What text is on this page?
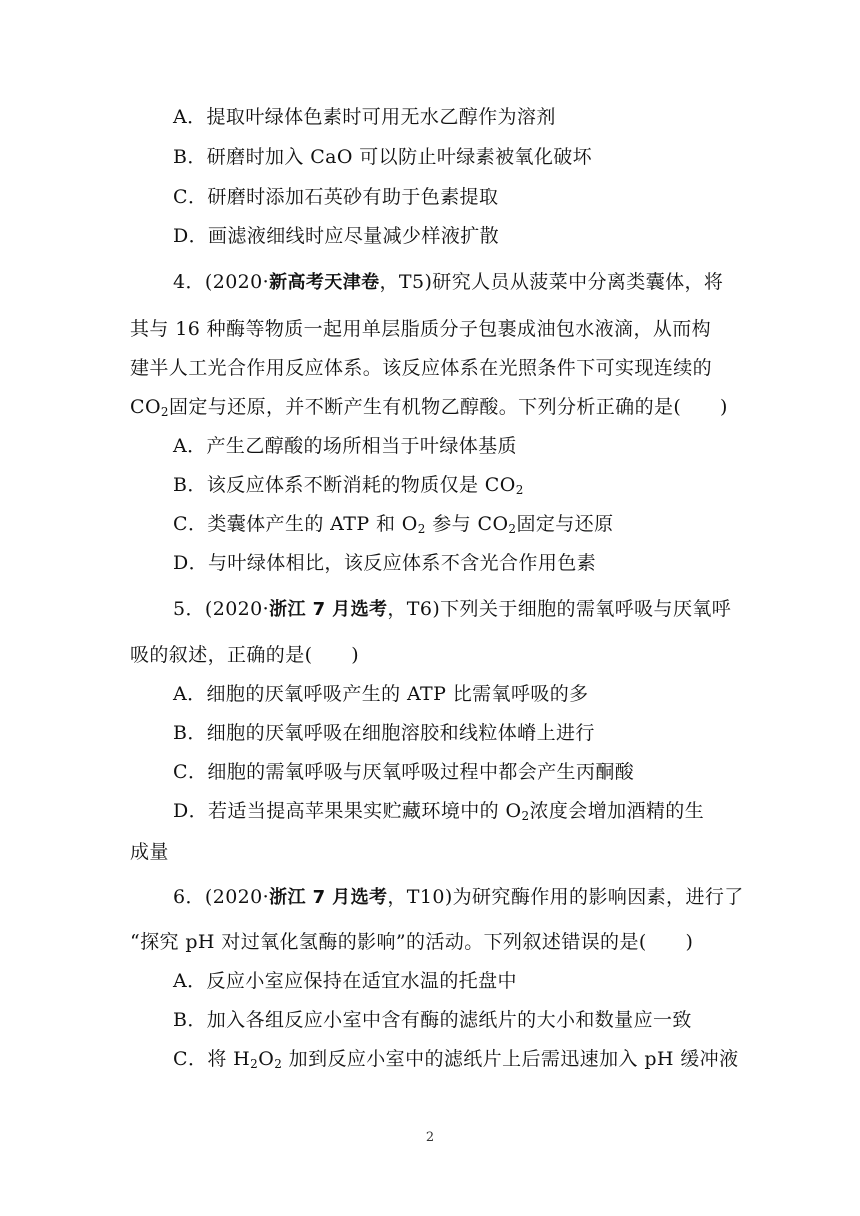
A．提取叶绿体色素时可用无水乙醇作为溶剂
B．研磨时加入 CaO 可以防止叶绿素被氧化破坏
C．研磨时添加石英砂有助于色素提取
D．画滤液细线时应尽量减少样液扩散
4．(2020·新高考天津卷，T5)研究人员从菠菜中分离类囊体，将
其与 16 种酶等物质一起用单层脂质分子包裹成油包水液滴，从而构
建半人工光合作用反应体系。该反应体系在光照条件下可实现连续的
$CO_2$固定与还原，并不断产生有机物乙醇酸。下列分析正确的是(　　)
A．产生乙醇酸的场所相当于叶绿体基质
B．该反应体系不断消耗的物质仅是 $CO_2$
C．类囊体产生的 ATP 和 $O_2$ 参与 $CO_2$固定与还原
D．与叶绿体相比，该反应体系不含光合作用色素
5．(2020·浙江 7 月选考，T6)下列关于细胞的需氧呼吸与厌氧呼
吸的叙述，正确的是(　　)
A．细胞的厌氧呼吸产生的 ATP 比需氧呼吸的多
B．细胞的厌氧呼吸在细胞溶胶和线粒体嵴上进行
C．细胞的需氧呼吸与厌氧呼吸过程中都会产生丙酮酸
D．若适当提高苹果果实贮藏环境中的 $O_2$浓度会增加酒精的生
成量
6．(2020·浙江 7 月选考，T10)为研究酶作用的影响因素，进行了
“探究 pH 对过氧化氢酶的影响”的活动。下列叙述错误的是(　　)
A．反应小室应保持在适宜水温的托盘中
B．加入各组反应小室中含有酶的滤纸片的大小和数量应一致
C．将 $H_2O_2$ 加到反应小室中的滤纸片上后需迅速加入 pH 缓冲液
2
